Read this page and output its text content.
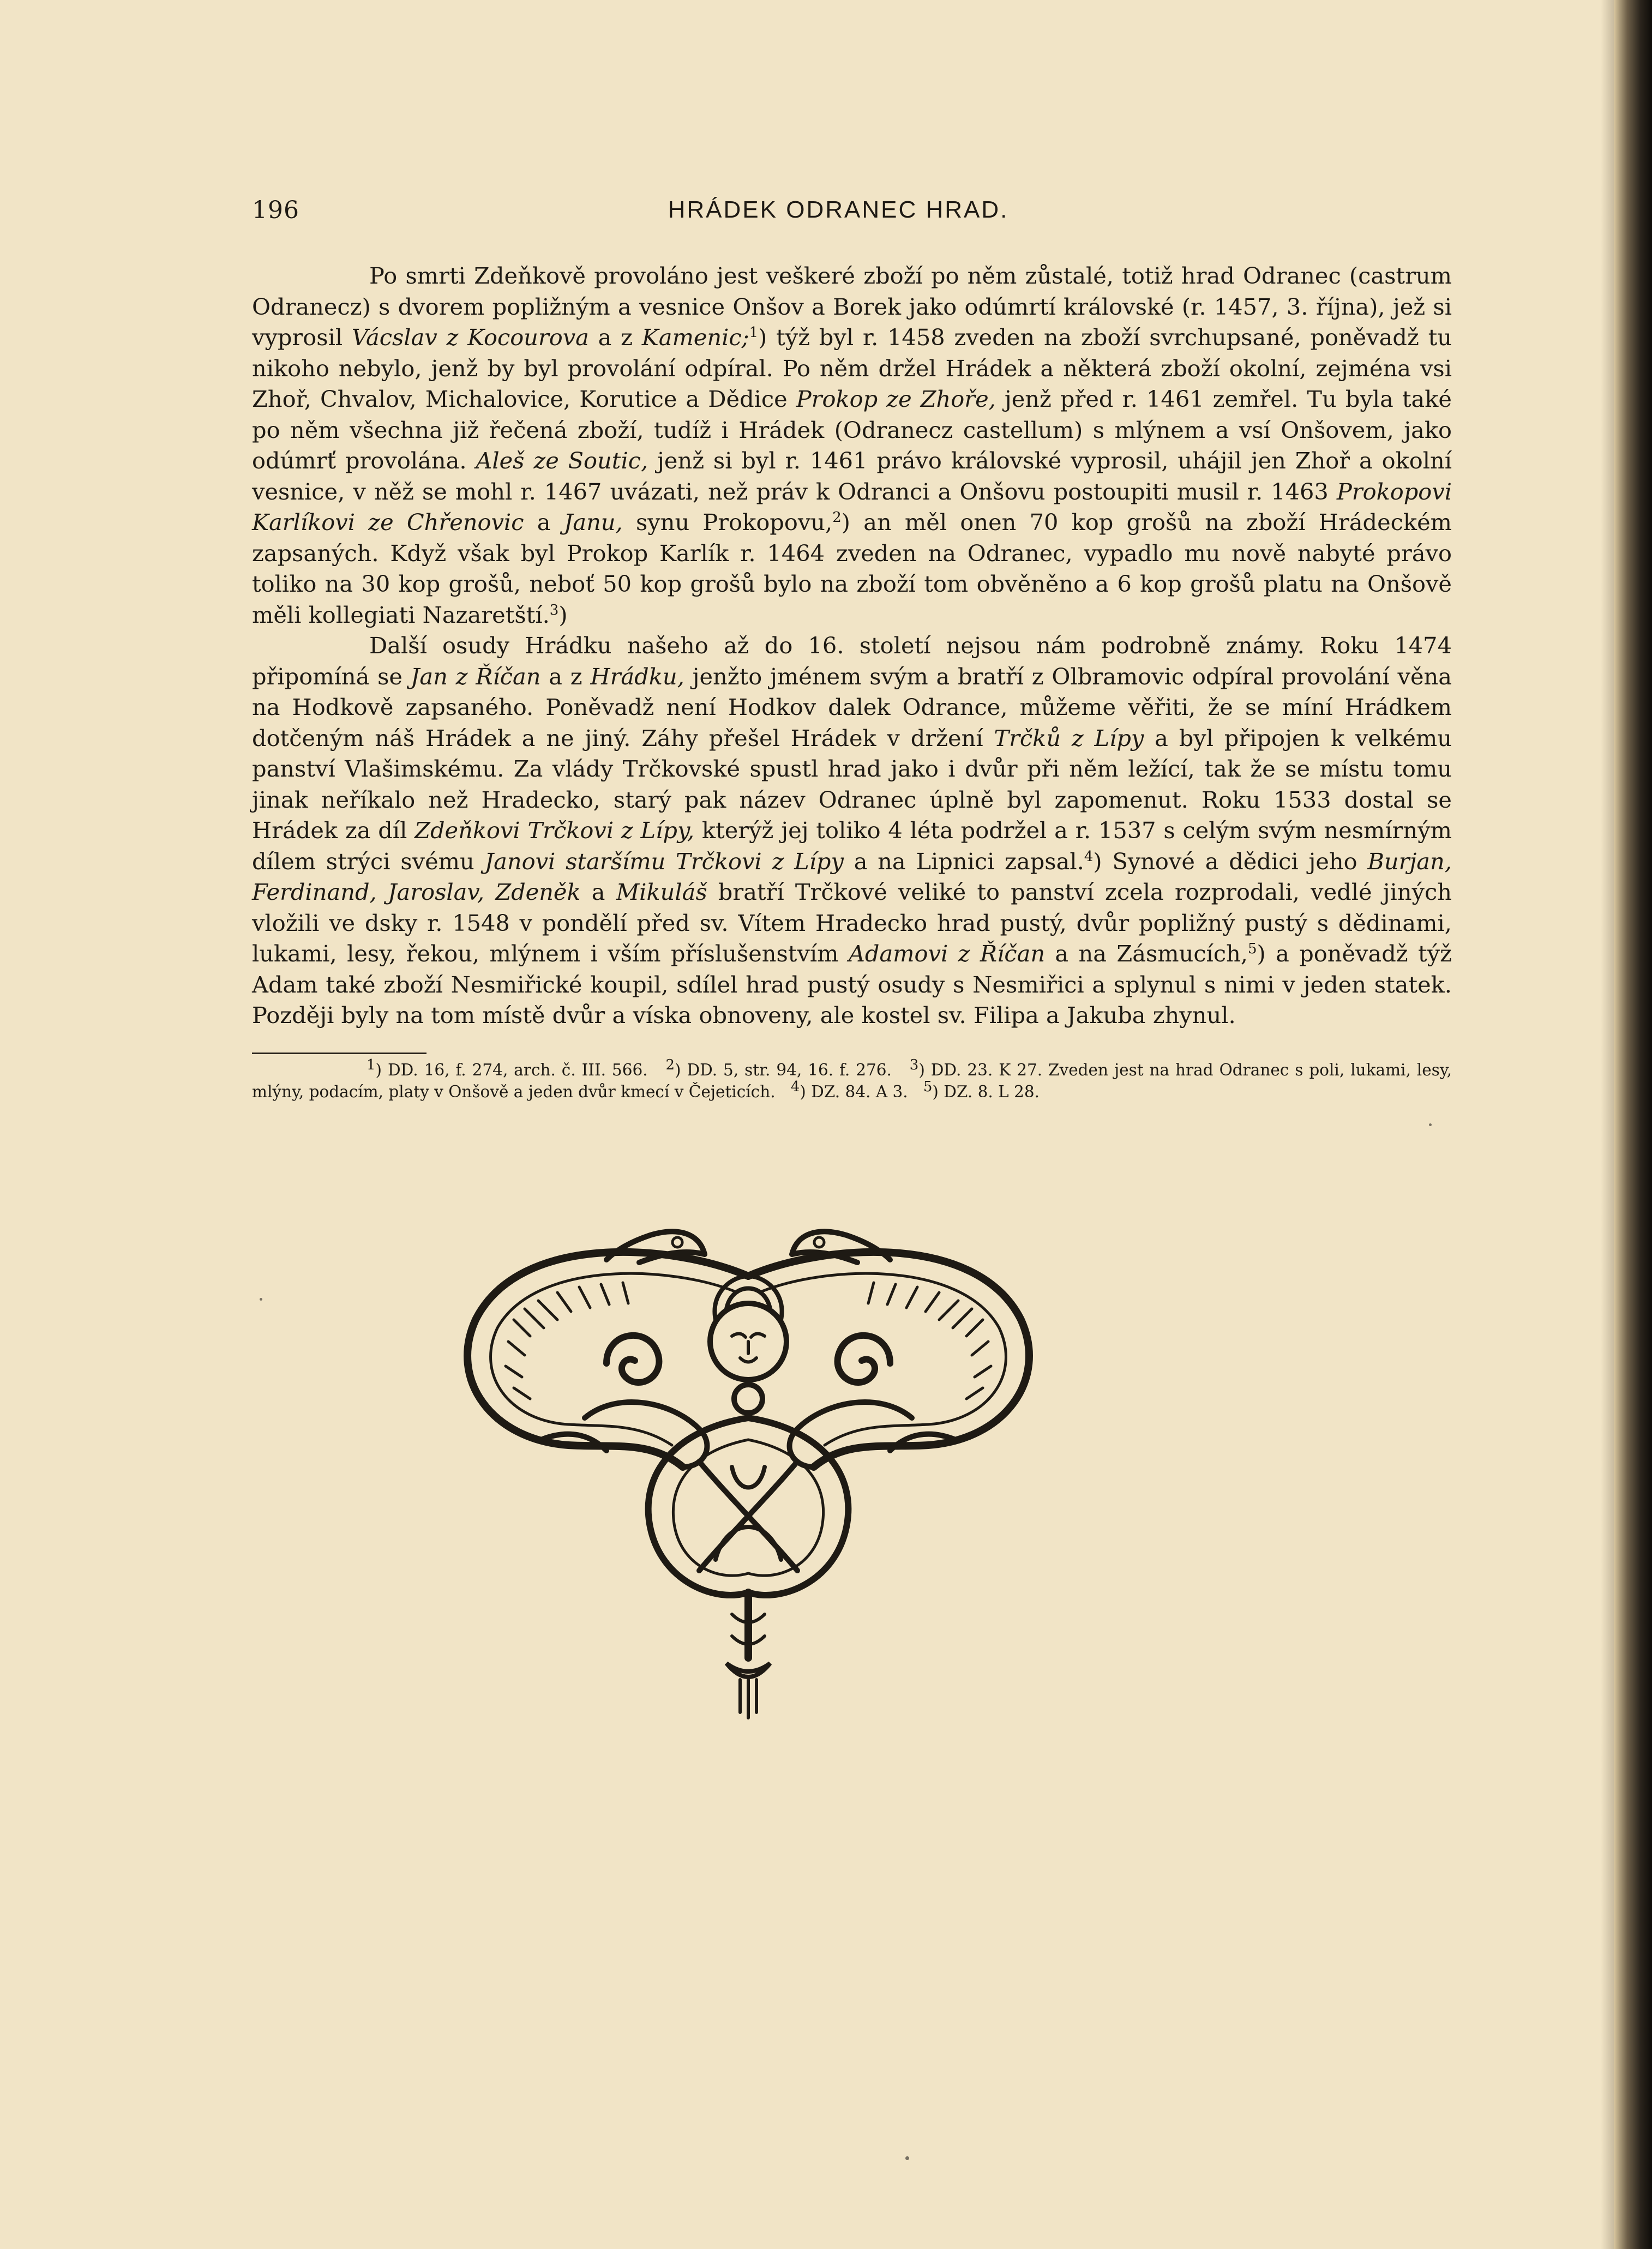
196	HRÁDEK ODRANEC HRAD.

Po smrti Zdeňkově provoláno jest veškeré zboží po něm zůstalé, totiž hrad Odranec (castrum Odranecz) s dvorem popližným a vesnice Onšov a Borek jako odúmrtí královské (r. 1457, 3. října), jež si vyprosil Vácslav z Kocourova a z Kamenic;$^1$) týž byl r. 1458 zveden na zboží svrchupsané, poněvadž tu nikoho nebylo, jenž by byl provolání odpíral. Po něm držel Hrádek a některá zboží okolní, zejména vsi Zhoř, Chvalov, Michalovice, Korutice a Dědice Prokop ze Zhoře, jenž před r. 1461 zemřel. Tu byla také po něm všechna již řečená zboží, tudíž i Hrádek (Odranecz castellum) s mlýnem a vsí Onšovem, jako odúmrť provolána. Aleš ze Soutic, jenž si byl r. 1461 právo královské vyprosil, uhájil jen Zhoř a okolní vesnice, v něž se mohl r. 1467 uvázati, než práv k Odranci a Onšovu postoupiti musil r. 1463 Prokopovi Karlíkovi ze Chřenovic a Janu, synu Prokopovu,$^2$) an měl onen 70 kop grošů na zboží Hrádeckém zapsaných. Když však byl Prokop Karlík r. 1464 zveden na Odranec, vypadlo mu nově nabyté právo toliko na 30 kop grošů, neboť 50 kop grošů bylo na zboží tom obvěněno a 6 kop grošů platu na Onšově měli kollegiati Nazaretští.$^3$)

Další osudy Hrádku našeho až do 16. století nejsou nám podrobně známy. Roku 1474 připomíná se Jan z Říčan a z Hrádku, jenžto jménem svým a bratří z Olbramovic odpíral provolání věna na Hodkově zapsaného. Poněvadž není Hodkov dalek Odrance, můžeme věřiti, že se míní Hrádkem dotčeným náš Hrádek a ne jiný. Záhy přešel Hrádek v držení Trčků z Lípy a byl připojen k velkému panství Vlašimskému. Za vlády Trčkovské spustl hrad jako i dvůr při něm ležící, tak že se místu tomu jinak neříkalo než Hradecko, starý pak název Odranec úplně byl zapomenut. Roku 1533 dostal se Hrádek za díl Zdeňkovi Trčkovi z Lípy, kterýž jej toliko 4 léta podržel a r. 1537 s celým svým nesmírným dílem strýci svému Janovi staršímu Trčkovi z Lípy a na Lipnici zapsal.$^4$) Synové a dědici jeho Burjan, Ferdinand, Jaroslav, Zdeněk a Mikuláš bratří Trčkové veliké to panství zcela rozprodali, vedlé jiných vložili ve dsky r. 1548 v pondělí před sv. Vítem Hradecko hrad pustý, dvůr popližný pustý s dědinami, lukami, lesy, řekou, mlýnem i vším příslušenstvím Adamovi z Říčan a na Zásmucích,$^5$) a poněvadž týž Adam také zboží Nesmiřické koupil, sdílel hrad pustý osudy s Nesmiřici a splynul s nimi v jeden statek. Později byly na tom místě dvůr a víska obnoveny, ale kostel sv. Filipa a Jakuba zhynul.

$^1$) DD. 16, f. 274, arch. č. III. 566. $^2$) DD. 5, str. 94, 16. f. 276. $^3$) DD. 23. K 27. Zveden jest na hrad Odranec s poli, lukami, lesy, mlýny, podacím, platy v Onšově a jeden dvůr kmecí v Čejeticích. $^4$) DZ. 84. A 3. $^5$) DZ. 8. L 28.
